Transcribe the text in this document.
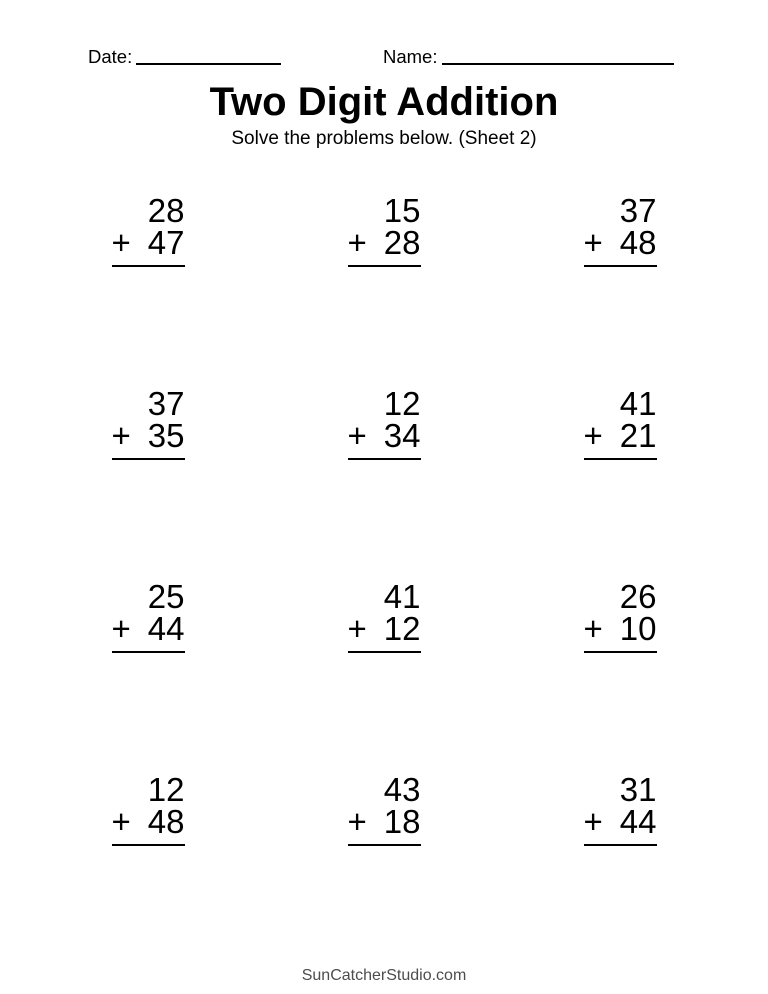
Date:	Name:
Two Digit Addition
Solve the problems below. (Sheet 2)
28
+ 47
15
+ 28
37
+ 48
37
+ 35
12
+ 34
41
+ 21
25
+ 44
41
+ 12
26
+ 10
12
+ 48
43
+ 18
31
+ 44
SunCatcherStudio.com
